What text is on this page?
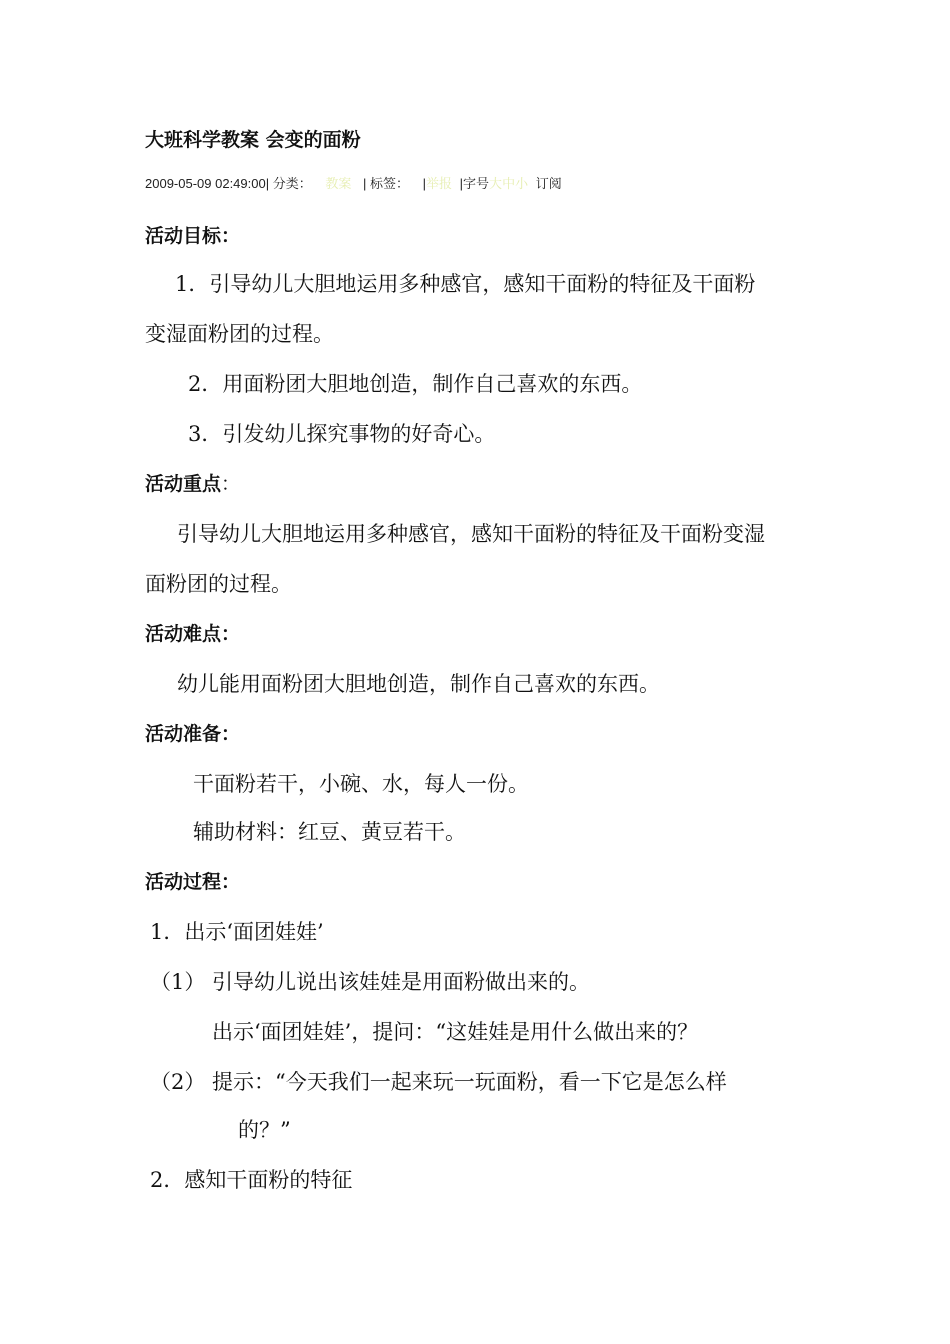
大班科学教案 会变的面粉
2009-05-09 02:49:00| 分类： 教案 | 标签： |举报 |字号大中小 订阅
活动目标：
1．引导幼儿大胆地运用多种感官，感知干面粉的特征及干面粉
变湿面粉团的过程。
2．用面粉团大胆地创造，制作自己喜欢的东西。
3．引发幼儿探究事物的好奇心。
活动重点：
引导幼儿大胆地运用多种感官，感知干面粉的特征及干面粉变湿
面粉团的过程。
活动难点：
幼儿能用面粉团大胆地创造，制作自己喜欢的东西。
活动准备：
干面粉若干，小碗、水，每人一份。
辅助材料：红豆、黄豆若干。
活动过程：
1．出示‘面团娃娃’
（1） 引导幼儿说出该娃娃是用面粉做出来的。
出示‘面团娃娃’，提问：“这娃娃是用什么做出来的？
（2） 提示：“今天我们一起来玩一玩面粉，看一下它是怎么样
的？”
2．感知干面粉的特征
